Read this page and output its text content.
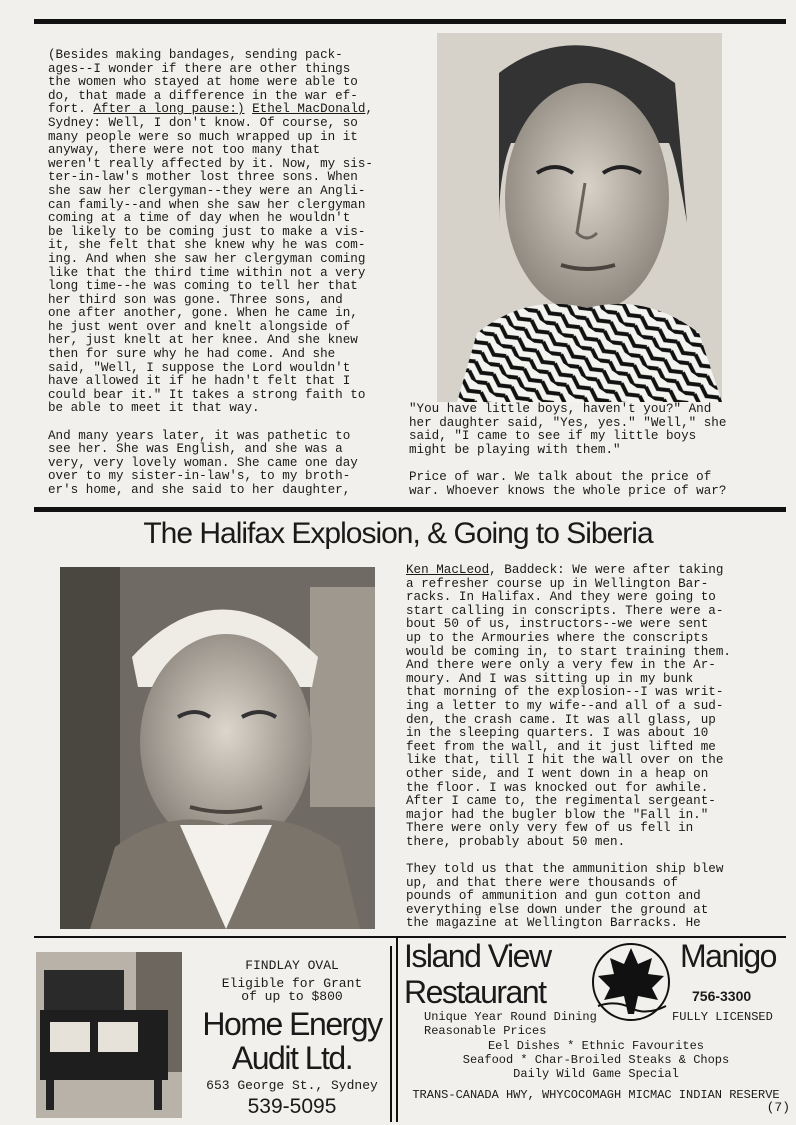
(Besides making bandages, sending pack-
ages--I wonder if there are other things
the women who stayed at home were able to
do, that made a difference in the war ef-
fort. After a long pause:) Ethel MacDonald,
Sydney: Well, I don't know. Of course, so
many people were so much wrapped up in it
anyway, there were not too many that
weren't really affected by it. Now, my sis-
ter-in-law's mother lost three sons. When
she saw her clergyman--they were an Angli-
can family--and when she saw her clergyman
coming at a time of day when he wouldn't
be likely to be coming just to make a vis-
it, she felt that she knew why he was com-
ing. And when she saw her clergyman coming
like that the third time within not a very
long time--he was coming to tell her that
her third son was gone. Three sons, and
one after another, gone. When he came in,
he just went over and knelt alongside of
her, just knelt at her knee. And she knew
then for sure why he had come. And she
said, "Well, I suppose the Lord wouldn't
have allowed it if he hadn't felt that I
could bear it." It takes a strong faith to
be able to meet it that way.

And many years later, it was pathetic to
see her. She was English, and she was a
very, very lovely woman. She came one day
over to my sister-in-law's, to my broth-
er's home, and she said to her daughter,
"You have little boys, haven't you?" And
her daughter said, "Yes, yes." "Well," she
said, "I came to see if my little boys
might be playing with them."

Price of war. We talk about the price of
war. Whoever knows the whole price of war?
The Halifax Explosion, & Going to Siberia
Ken MacLeod, Baddeck: We were after taking
a refresher course up in Wellington Bar-
racks. In Halifax. And they were going to
start calling in conscripts. There were a-
bout 50 of us, instructors--we were sent
up to the Armouries where the conscripts
would be coming in, to start training them.
And there were only a very few in the Ar-
moury. And I was sitting up in my bunk
that morning of the explosion--I was writ-
ing a letter to my wife--and all of a sud-
den, the crash came. It was all glass, up
in the sleeping quarters. I was about 10
feet from the wall, and it just lifted me
like that, till I hit the wall over on the
other side, and I went down in a heap on
the floor. I was knocked out for awhile.
After I came to, the regimental sergeant-
major had the bugler blow the "Fall in."
There were only very few of us fell in
there, probably about 50 men.

They told us that the ammunition ship blew
up, and that there were thousands of
pounds of ammunition and gun cotton and
everything else down under the ground at
the magazine at Wellington Barracks. He
FINDLAY OVAL
Eligible for Grant
of up to $800
Home Energy
Audit Ltd.
653 George St., Sydney
539-5095
Island View
Restaurant
Manigo
756-3300
FULLY LICENSED
Unique Year Round Dining
Reasonable Prices
Eel Dishes * Ethnic Favourites
Seafood * Char-Broiled Steaks & Chops
Daily Wild Game Special
TRANS-CANADA HWY, WHYCOCOMAGH MICMAC INDIAN RESERVE
(7)
